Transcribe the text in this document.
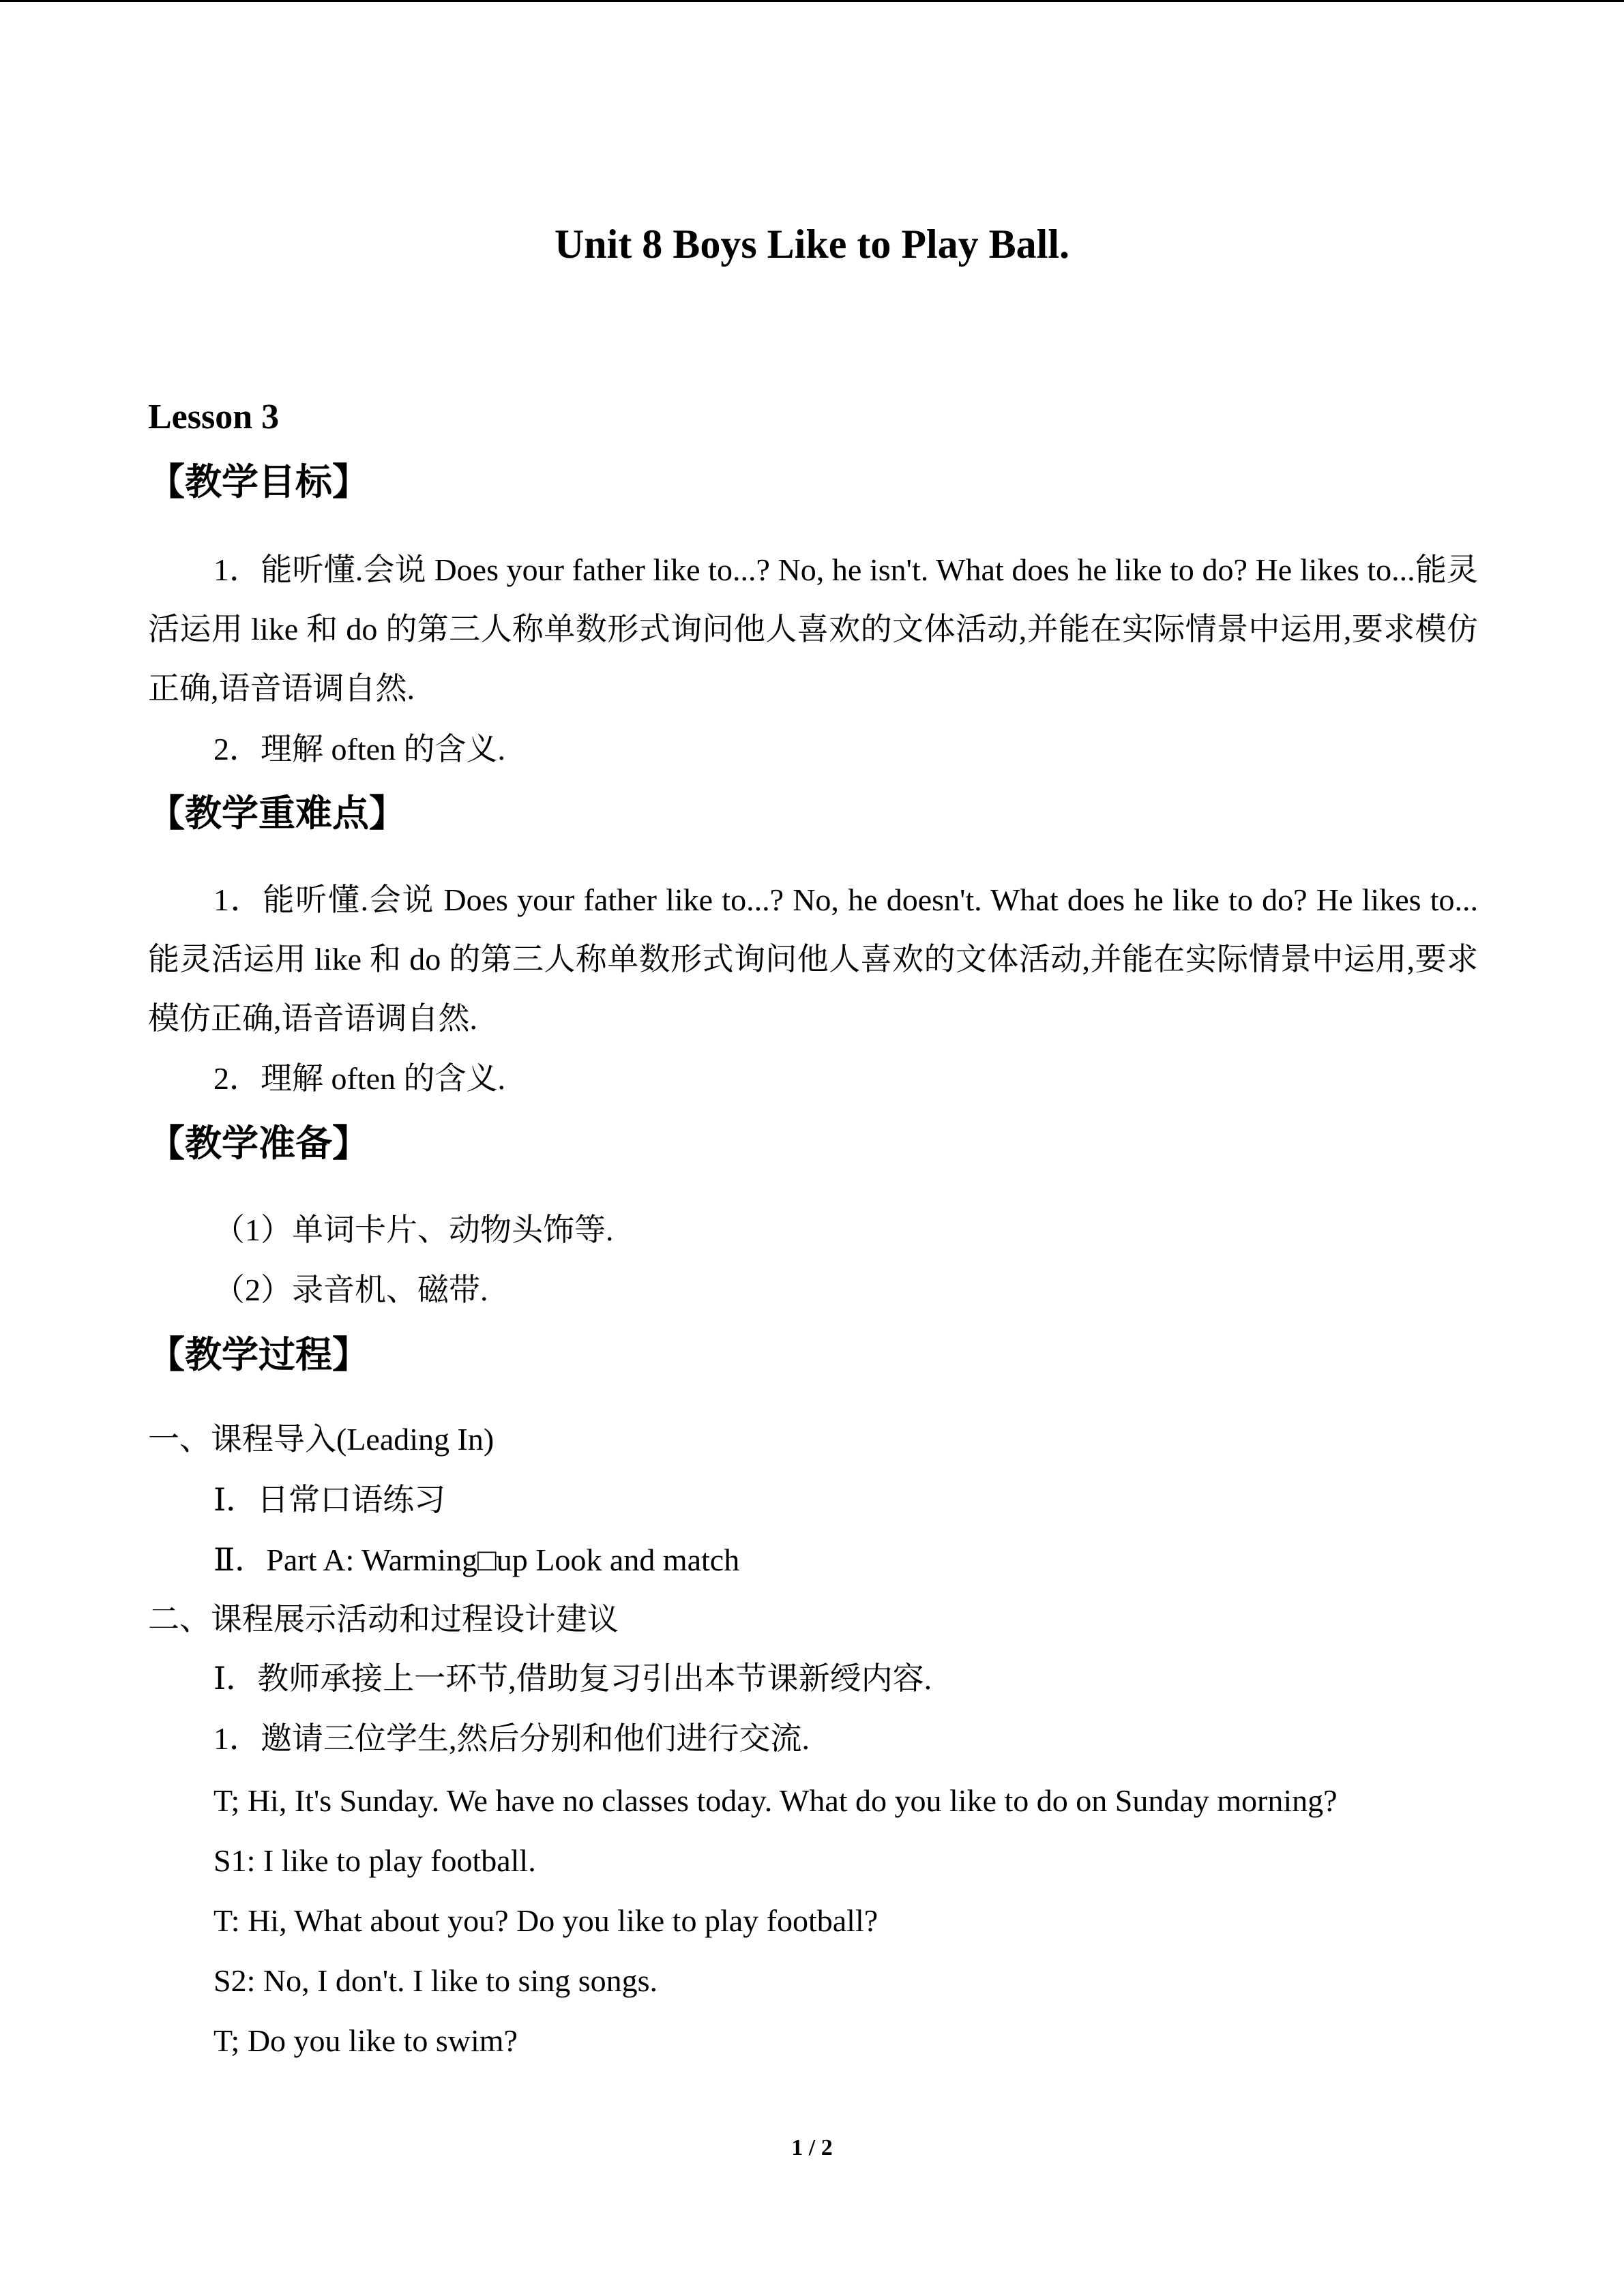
Unit 8 Boys Like to Play Ball.

Lesson 3

【教学目标】

1．能听懂.会说 Does your father like to...? No, he isn't. What does he like to do? He likes to...能灵活运用 like 和 do 的第三人称单数形式询问他人喜欢的文体活动,并能在实际情景中运用,要求模仿正确,语音语调自然.

2．理解 often 的含义.

【教学重难点】

1．能听懂.会说 Does your father like to...? No, he doesn't. What does he like to do? He likes to...能灵活运用 like 和 do 的第三人称单数形式询问他人喜欢的文体活动,并能在实际情景中运用,要求模仿正确,语音语调自然.

2．理解 often 的含义.

【教学准备】

（1）单词卡片、动物头饰等.

（2）录音机、磁带.

【教学过程】

一、课程导入(Leading In)

Ⅰ．日常口语练习

Ⅱ．Part A: Warming□up Look and match

二、课程展示活动和过程设计建议

Ⅰ．教师承接上一环节,借助复习引出本节课新绶内容.

1．邀请三位学生,然后分别和他们进行交流.

T; Hi, It's Sunday. We have no classes today. What do you like to do on Sunday morning?

S1: I like to play football.

T: Hi, What about you? Do you like to play football?

S2: No, I don't. I like to sing songs.

T; Do you like to swim?

1 / 2
